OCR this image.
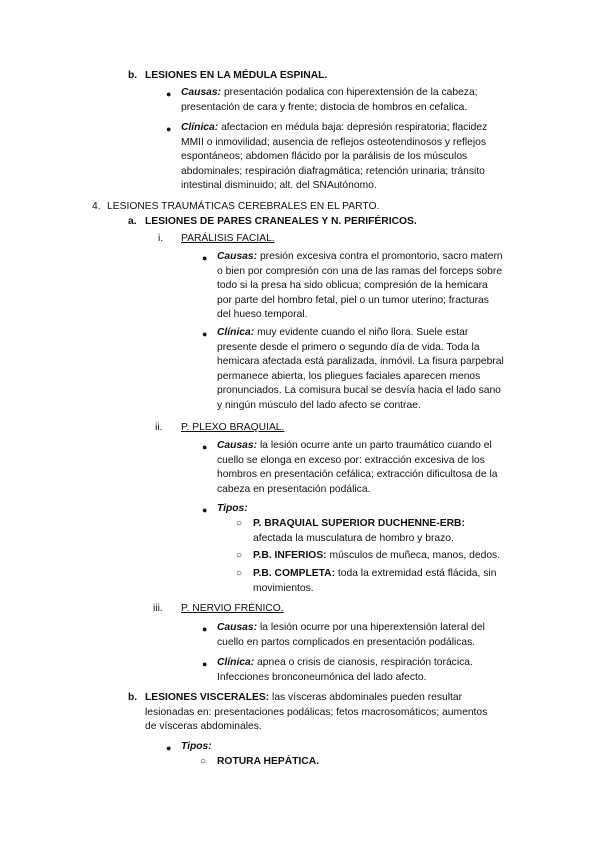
b. LESIONES EN LA MÉDULA ESPINAL.
● Causas: presentación podalica con hiperextensión de la cabeza;

presentación de cara y frente; distocia de hombros en cefalica.

● Clínica: afectacion en médula baja: depresión respiratoria; flacidez

MMII o inmovilidad; ausencia de reflejos osteotendinosos y reflejos

espontáneos; abdomen flácido por la parálisis de los músculos

abdominales; respiración diafragmática; retención urinaria; tránsito

intestinal disminuido; alt. del SNAutónomo.

4. LESIONES TRAUMÁTICAS CEREBRALES EN EL PARTO.
a. LESIONES DE PARES CRANEALES Y N. PERIFÉRICOS.
i. PARÁLISIS FACIAL.
● Causas: presión excesiva contra el promontorio, sacro matern

o bien por compresión con una de las ramas del forceps sobre

todo si la presa ha sido oblicua; compresión de la hemicara

por parte del hombro fetal, piel o un tumor uterino; fracturas

del hueso temporal.

● Clínica: muy evidente cuando el niño llora. Suele estar

presente desde el primero o segundo día de vida. Toda la

hemicara afectada está paralizada, inmóvil. La fisura parpebral

permanece abierta, los pliegues faciales aparecen menos

pronunciados. La comisura bucal se desvía hacia el lado sano

y ningún músculo del lado afecto se contrae.

ii. P. PLEXO BRAQUIAL.
● Causas: la lesión ocurre ante un parto traumático cuando el

cuello se elonga en exceso por: extracción excesiva de los

hombros en presentación cefálica; extracción dificultosa de la

cabeza en presentación podálica.

● Tipos:
○ P. BRAQUIAL SUPERIOR DUCHENNE-ERB:

afectada la musculatura de hombro y brazo.

○ P.B. INFERIOS: músculos de muñeca, manos, dedos.

○ P.B. COMPLETA: toda la extremidad está flácida, sin

movimientos.

iii. P. NERVIO FRÉNICO.
● Causas: la lesión ocurre por una hiperextensión lateral del

cuello en partos complicados en presentación podálicas.

● Clínica: apnea o crisis de cianosis, respiración torácica.

Infecciones bronconeumónica del lado afecto.

b. LESIONES VISCERALES: las vísceras abdominales pueden resultar

lesionadas en: presentaciones podálicas; fetos macrosomáticos; aumentos

de vísceras abdominales.

● Tipos:
○ ROTURA HEPÁTICA.
